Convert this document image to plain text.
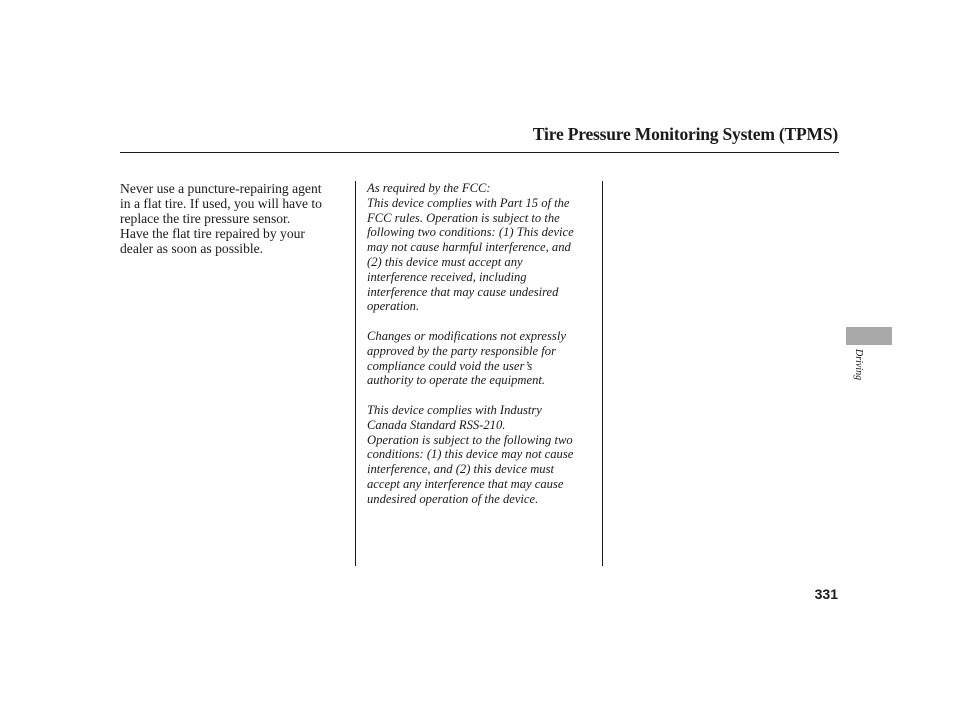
Tire Pressure Monitoring System (TPMS)

Never use a puncture-repairing agent
in a flat tire. If used, you will have to
replace the tire pressure sensor.
Have the flat tire repaired by your
dealer as soon as possible.

As required by the FCC:

This device complies with Part 15 of the
FCC rules. Operation is subject to the
following two conditions: (1) This device
may not cause harmful interference, and
(2) this device must accept any
interference received, including
interference that may cause undesired
operation.

Changes or modifications not expressly
approved by the party responsible for
compliance could void the user’s
authority to operate the equipment.

This device complies with Industry
Canada Standard RSS-210.

Operation is subject to the following two
conditions: (1) this device may not cause
interference, and (2) this device must
accept any interference that may cause
undesired operation of the device.

Driving
331
